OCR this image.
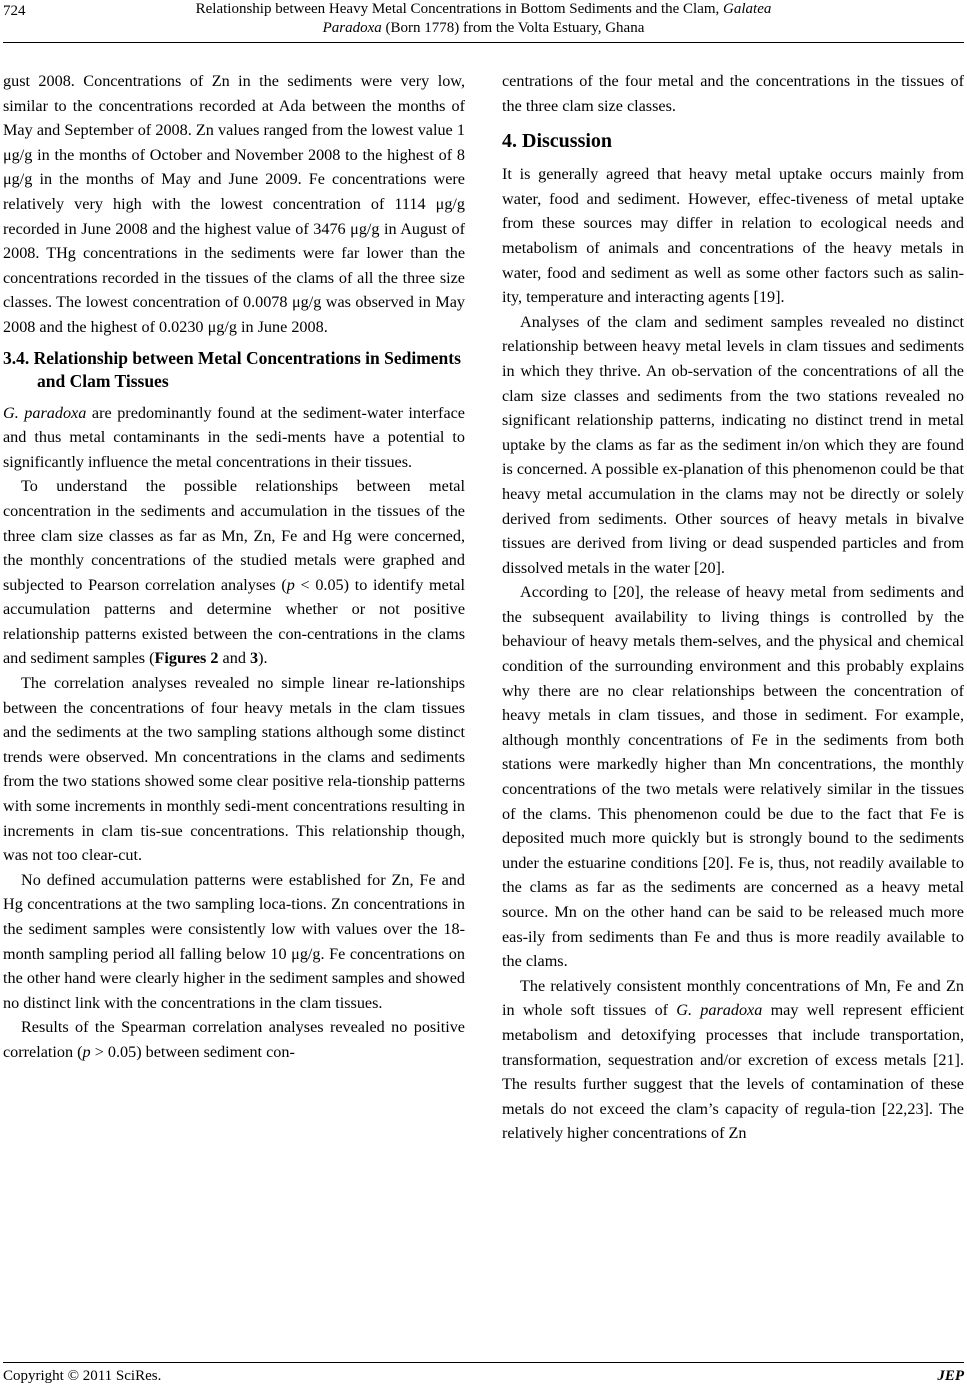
724	Relationship between Heavy Metal Concentrations in Bottom Sediments and the Clam, Galatea
Paradoxa (Born 1778) from the Volta Estuary, Ghana

gust 2008. Concentrations of Zn in the sediments were very low, similar to the concentrations recorded at Ada between the months of May and September of 2008. Zn values ranged from the lowest value 1 μg/g in the months of October and November 2008 to the highest of 8 μg/g in the months of May and June 2009. Fe concentrations were relatively very high with the lowest concentration of 1114 μg/g recorded in June 2008 and the highest value of 3476 μg/g in August of 2008. THg concentrations in the sediments were far lower than the concentrations recorded in the tissues of the clams of all the three size classes. The lowest concentration of 0.0078 μg/g was observed in May 2008 and the highest of 0.0230 μg/g in June 2008.

3.4. Relationship between Metal Concentrations in Sediments and Clam Tissues

G. paradoxa are predominantly found at the sediment-water interface and thus metal contaminants in the sedi-ments have a potential to significantly influence the metal concentrations in their tissues.

To understand the possible relationships between metal concentration in the sediments and accumulation in the tissues of the three clam size classes as far as Mn, Zn, Fe and Hg were concerned, the monthly concentrations of the studied metals were graphed and subjected to Pearson correlation analyses (p < 0.05) to identify metal accumulation patterns and determine whether or not positive relationship patterns existed between the con-centrations in the clams and sediment samples (Figures 2 and 3).

The correlation analyses revealed no simple linear re-lationships between the concentrations of four heavy metals in the clam tissues and the sediments at the two sampling stations although some distinct trends were observed. Mn concentrations in the clams and sediments from the two stations showed some clear positive rela-tionship patterns with some increments in monthly sedi-ment concentrations resulting in increments in clam tis-sue concentrations. This relationship though, was not too clear-cut.

No defined accumulation patterns were established for Zn, Fe and Hg concentrations at the two sampling loca-tions. Zn concentrations in the sediment samples were consistently low with values over the 18-month sampling period all falling below 10 μg/g. Fe concentrations on the other hand were clearly higher in the sediment samples and showed no distinct link with the concentrations in the clam tissues.

Results of the Spearman correlation analyses revealed no positive correlation (p > 0.05) between sediment con-

centrations of the four metal and the concentrations in the tissues of the three clam size classes.

4. Discussion

It is generally agreed that heavy metal uptake occurs mainly from water, food and sediment. However, effec-tiveness of metal uptake from these sources may differ in relation to ecological needs and metabolism of animals and concentrations of the heavy metals in water, food and sediment as well as some other factors such as salin-ity, temperature and interacting agents [19].

Analyses of the clam and sediment samples revealed no distinct relationship between heavy metal levels in clam tissues and sediments in which they thrive. An ob-servation of the concentrations of all the clam size classes and sediments from the two stations revealed no significant relationship patterns, indicating no distinct trend in metal uptake by the clams as far as the sediment in/on which they are found is concerned. A possible ex-planation of this phenomenon could be that heavy metal accumulation in the clams may not be directly or solely derived from sediments. Other sources of heavy metals in bivalve tissues are derived from living or dead suspended particles and from dissolved metals in the water [20].

According to [20], the release of heavy metal from sediments and the subsequent availability to living things is controlled by the behaviour of heavy metals them-selves, and the physical and chemical condition of the surrounding environment and this probably explains why there are no clear relationships between the concentration of heavy metals in clam tissues, and those in sediment. For example, although monthly concentrations of Fe in the sediments from both stations were markedly higher than Mn concentrations, the monthly concentrations of the two metals were relatively similar in the tissues of the clams. This phenomenon could be due to the fact that Fe is deposited much more quickly but is strongly bound to the sediments under the estuarine conditions [20]. Fe is, thus, not readily available to the clams as far as the sediments are concerned as a heavy metal source. Mn on the other hand can be said to be released much more eas-ily from sediments than Fe and thus is more readily available to the clams.

The relatively consistent monthly concentrations of Mn, Fe and Zn in whole soft tissues of G. paradoxa may well represent efficient metabolism and detoxifying processes that include transportation, transformation, sequestration and/or excretion of excess metals [21]. The results further suggest that the levels of contamination of these metals do not exceed the clam’s capacity of regula-tion [22,23]. The relatively higher concentrations of Zn

Copyright © 2011 SciRes.	JEP
